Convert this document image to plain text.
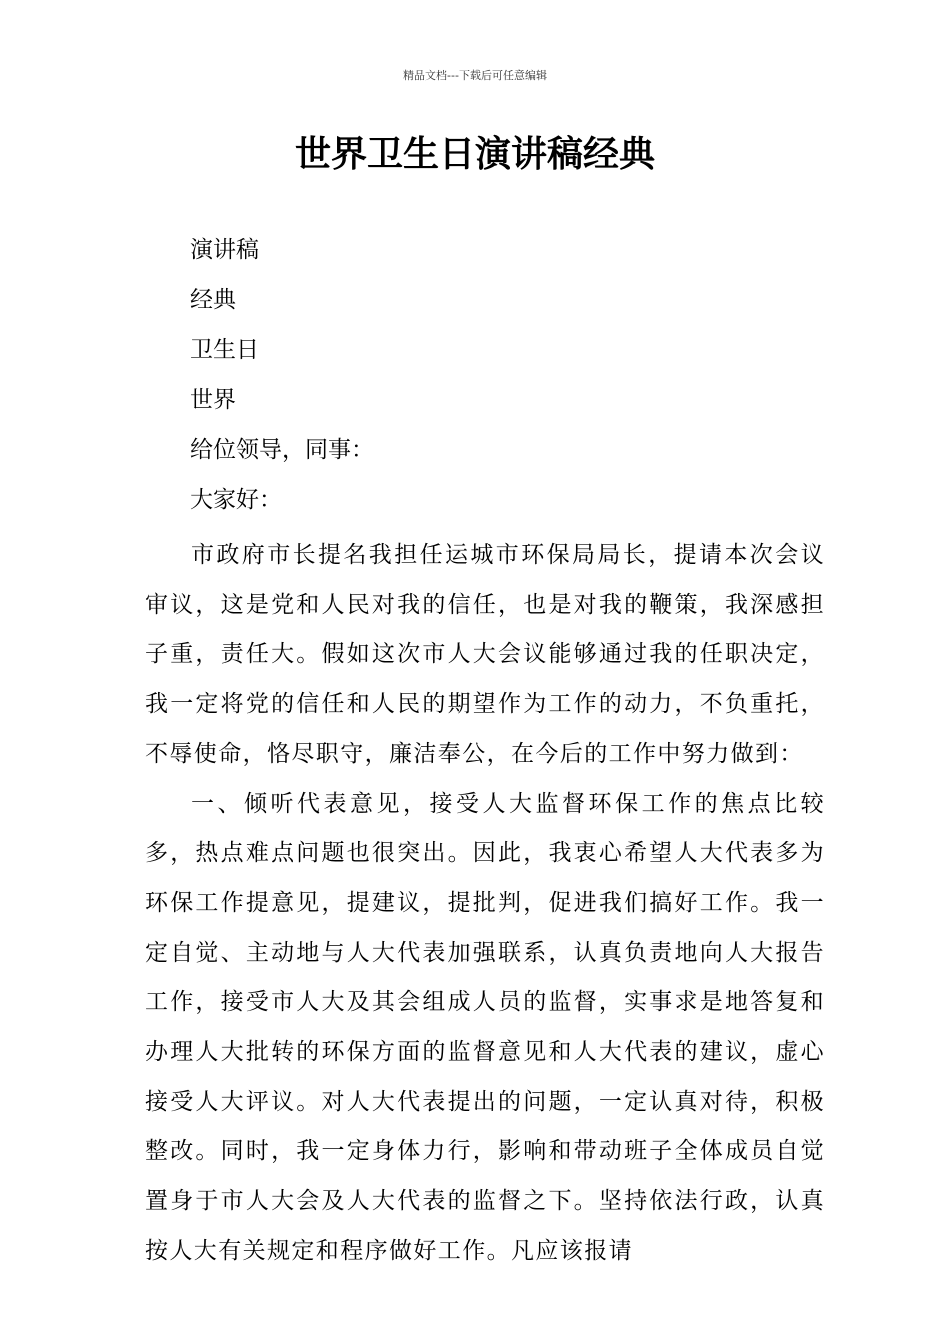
精品文档---下载后可任意编辑
世界卫生日演讲稿经典
演讲稿
经典
卫生日
世界
给位领导，同事：
大家好：

市政府市长提名我担任运城市环保局局长，提请本次会议审议，这是党和人民对我的信任，也是对我的鞭策，我深感担子重，责任大。假如这次市人大会议能够通过我的任职决定，我一定将党的信任和人民的期望作为工作的动力，不负重托，不辱使命，恪尽职守，廉洁奉公，在今后的工作中努力做到：

一、倾听代表意见，接受人大监督环保工作的焦点比较多，热点难点问题也很突出。因此，我衷心希望人大代表多为环保工作提意见，提建议，提批判，促进我们搞好工作。我一定自觉、主动地与人大代表加强联系，认真负责地向人大报告工作，接受市人大及其会组成人员的监督，实事求是地答复和办理人大批转的环保方面的监督意见和人大代表的建议，虚心接受人大评议。对人大代表提出的问题，一定认真对待，积极整改。同时，我一定身体力行，影响和带动班子全体成员自觉置身于市人大会及人大代表的监督之下。坚持依法行政，认真按人大有关规定和程序做好工作。凡应该报请
